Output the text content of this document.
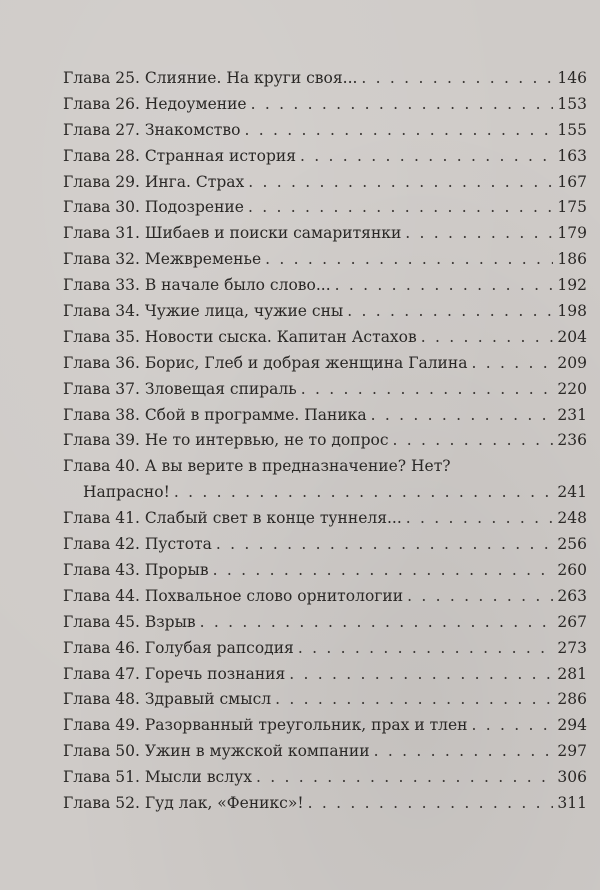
Глава 25. Слияние. На круги своя... . . .	146
Глава 26. Недоумение . . .	153
Глава 27. Знакомство . . .	155
Глава 28. Странная история . . .	163
Глава 29. Инга. Страх . . .	167
Глава 30. Подозрение . . .	175
Глава 31. Шибаев и поиски самаритянки . . .	179
Глава 32. Межвременье . . .	186
Глава 33. В начале было слово... . . .	192
Глава 34. Чужие лица, чужие сны . . .	198
Глава 35. Новости сыска. Капитан Астахов . . .	204
Глава 36. Борис, Глеб и добрая женщина Галина . . .	209
Глава 37. Зловещая спираль . . .	220
Глава 38. Сбой в программе. Паника . . .	231
Глава 39. Не то интервью, не то допрос . . .	236
Глава 40. А вы верите в предназначение? Нет?
Напрасно! . . .	241
Глава 41. Слабый свет в конце туннеля... . . .	248
Глава 42. Пустота . . .	256
Глава 43. Прорыв . . .	260
Глава 44. Похвальное слово орнитологии . . .	263
Глава 45. Взрыв . . .	267
Глава 46. Голубая рапсодия . . .	273
Глава 47. Горечь познания . . .	281
Глава 48. Здравый смысл . . .	286
Глава 49. Разорванный треугольник, прах и тлен . . .	294
Глава 50. Ужин в мужской компании . . .	297
Глава 51. Мысли вслух . . .	306
Глава 52. Гуд лак, «Феникс»! . . .	311
